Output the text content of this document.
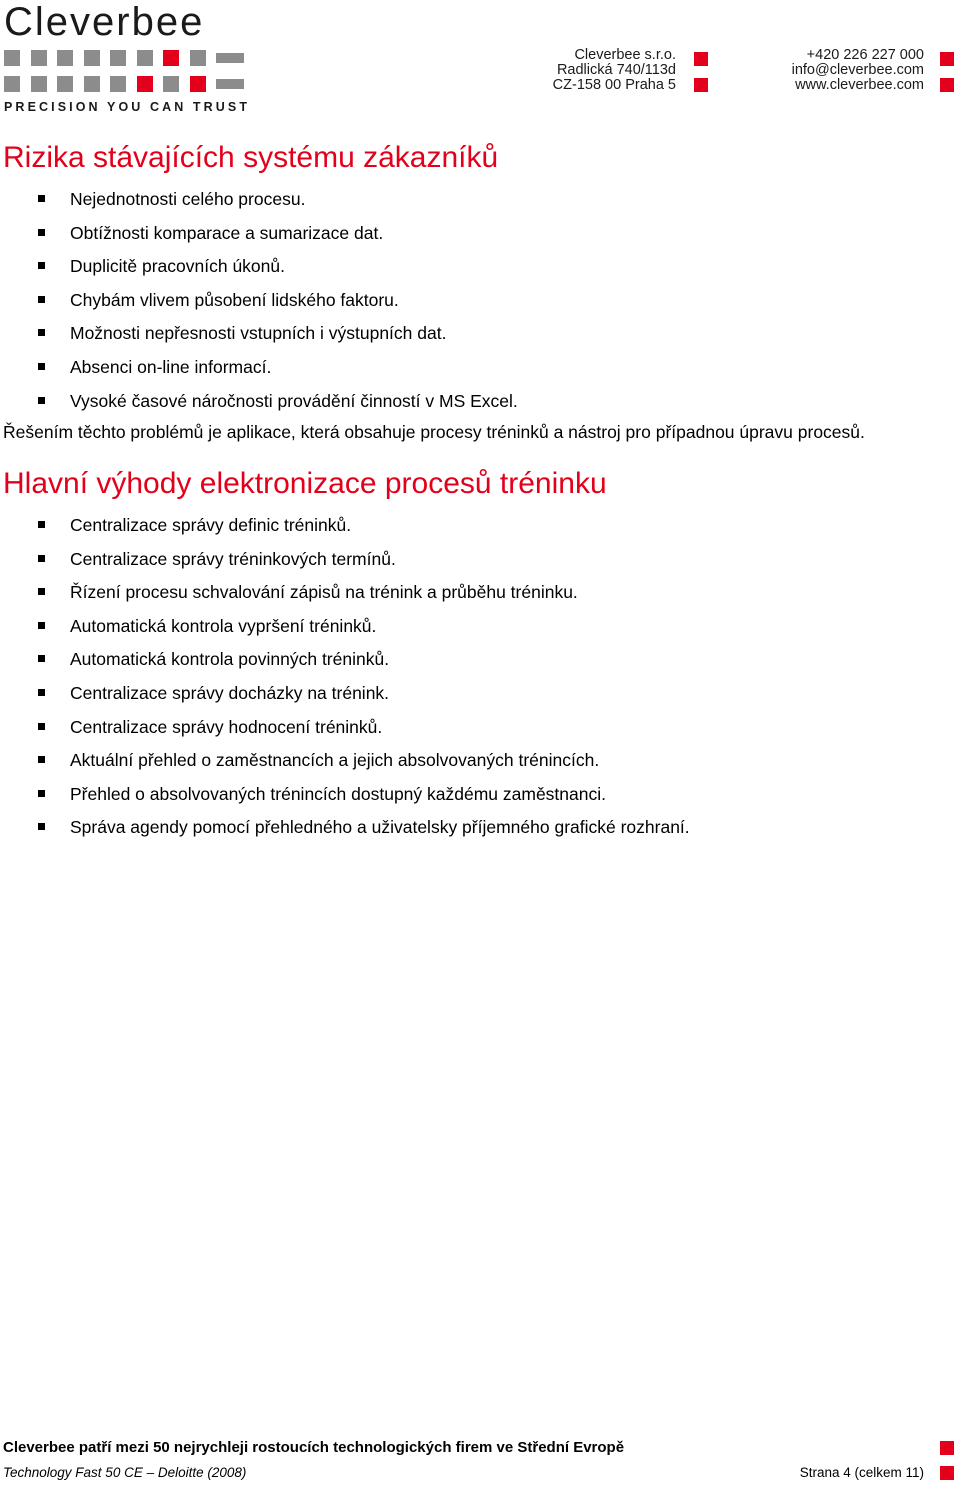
Cleverbee
PRECISION YOU CAN TRUST
Cleverbee s.r.o.
Radlická 740/113d
CZ-158 00 Praha 5
+420 226 227 000
info@cleverbee.com
www.cleverbee.com
Rizika stávajících systému zákazníků
Nejednotnosti celého procesu.
Obtížnosti komparace a sumarizace dat.
Duplicitě pracovních úkonů.
Chybám vlivem působení lidského faktoru.
Možnosti nepřesnosti vstupních i výstupních dat.
Absenci on-line informací.
Vysoké časové náročnosti provádění činností v MS Excel.
Řešením těchto problémů je aplikace, která obsahuje procesy tréninků a nástroj pro případnou úpravu procesů.
Hlavní výhody elektronizace procesů tréninku
Centralizace správy definic tréninků.
Centralizace správy tréninkových termínů.
Řízení procesu schvalování zápisů na trénink a průběhu tréninku.
Automatická kontrola vypršení tréninků.
Automatická kontrola povinných tréninků.
Centralizace správy docházky na trénink.
Centralizace správy hodnocení tréninků.
Aktuální přehled o zaměstnancích a jejich absolvovaných trénincích.
Přehled o absolvovaných trénincích dostupný každému zaměstnanci.
Správa agendy pomocí přehledného a uživatelsky příjemného grafické rozhraní.
Cleverbee patří mezi 50 nejrychleji rostoucích technologických firem ve Střední Evropě
Technology Fast 50 CE – Deloitte (2008)	Strana 4 (celkem 11)
